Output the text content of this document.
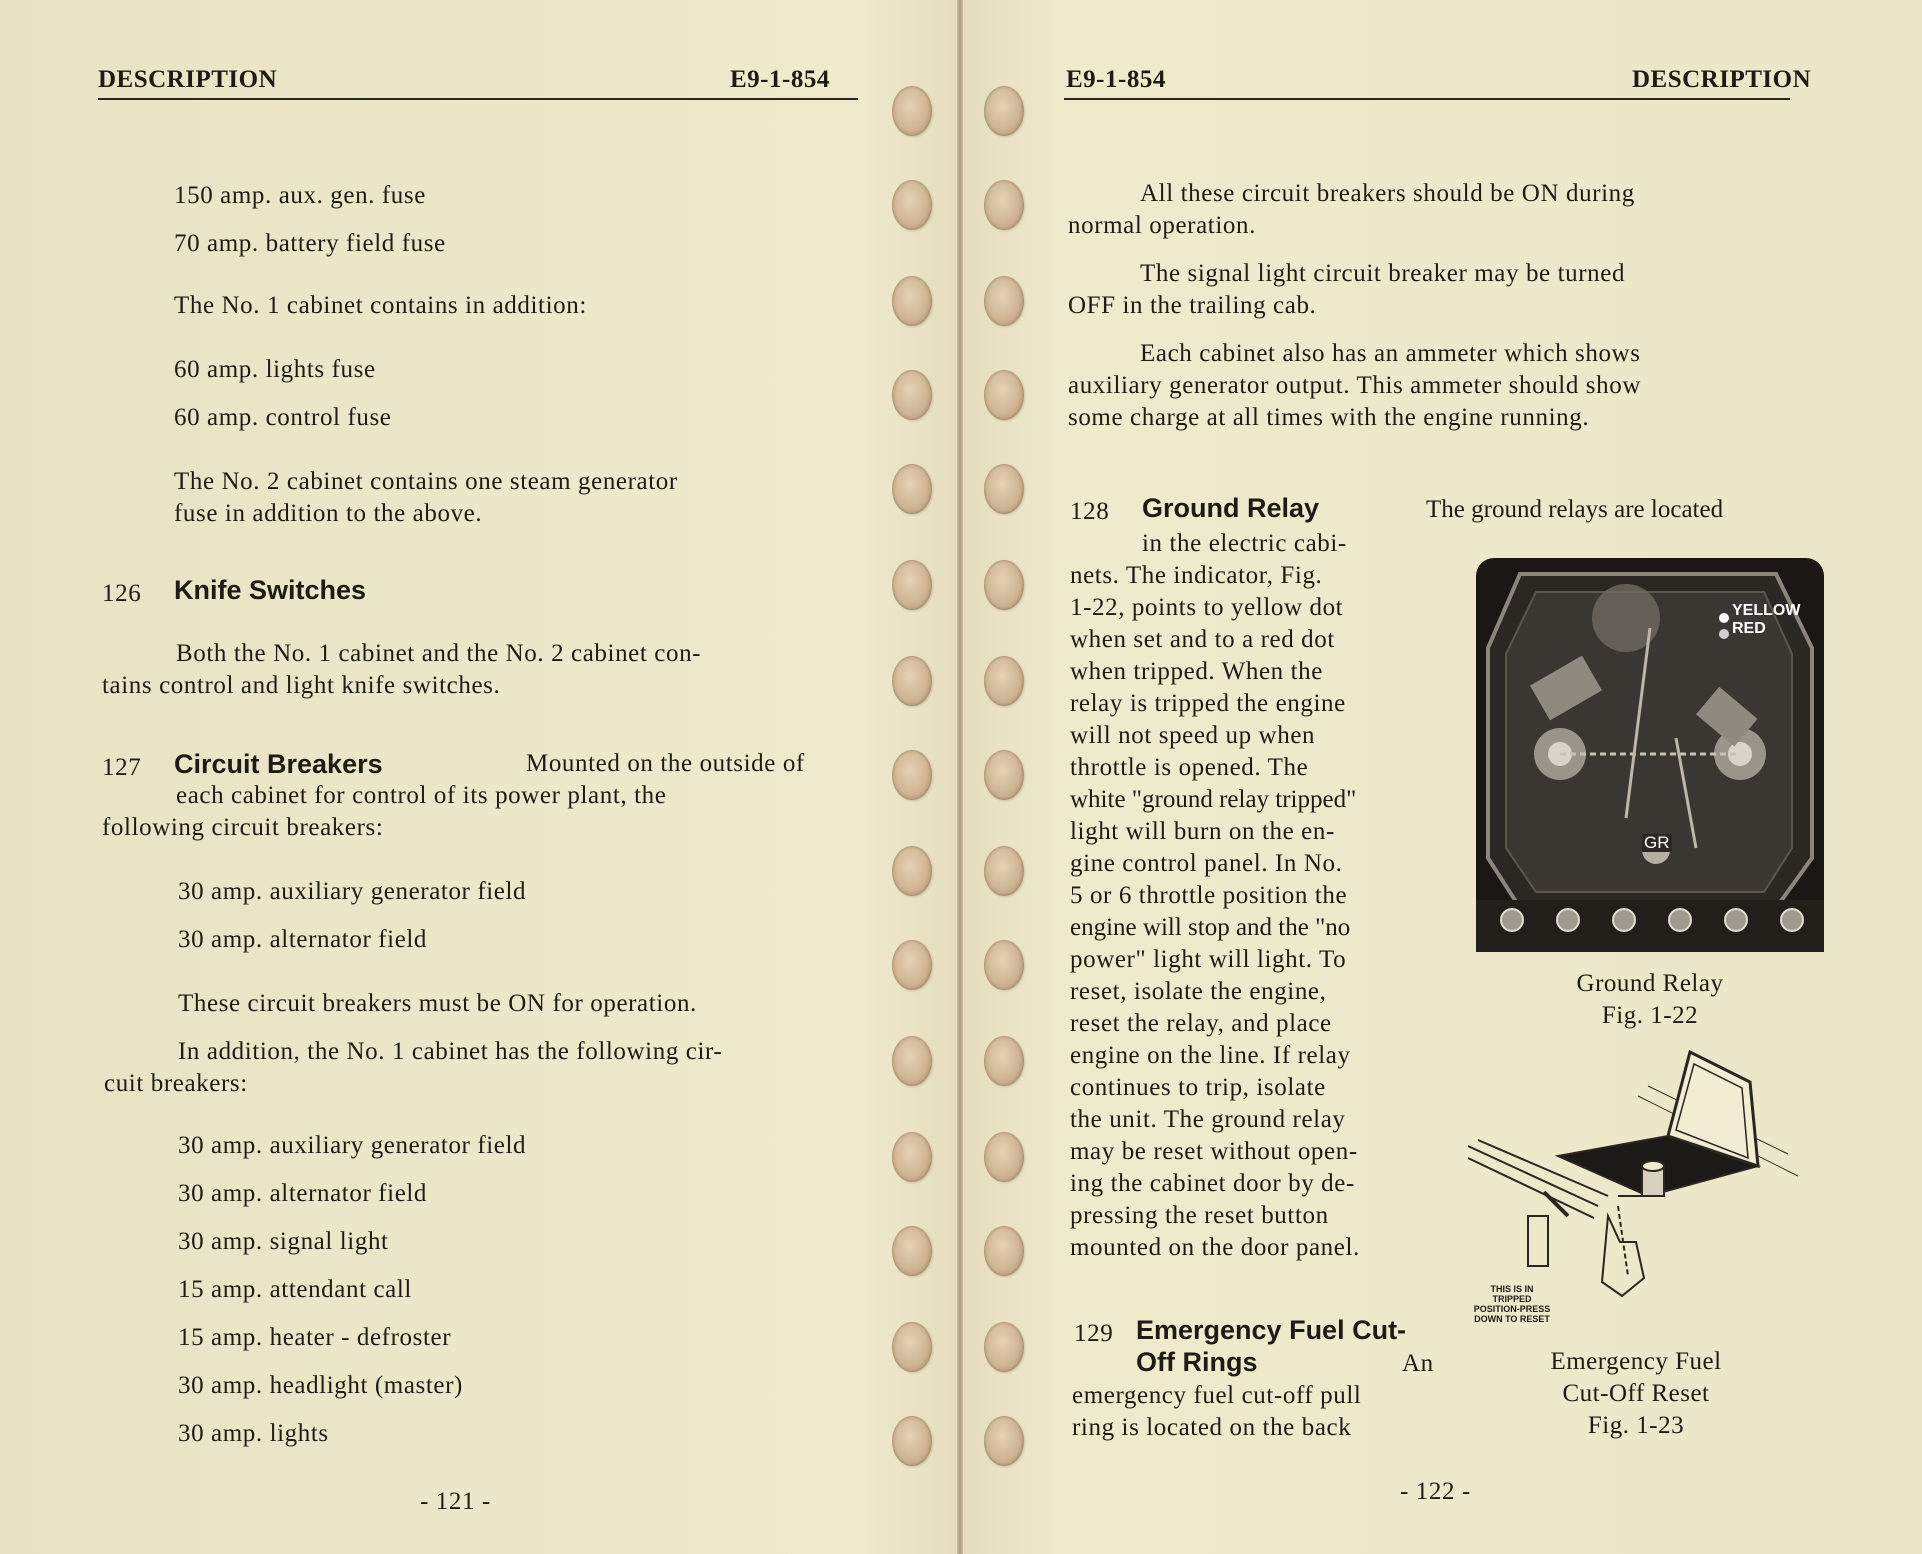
DESCRIPTION	E9-1-854
150 amp. aux. gen. fuse
70 amp. battery field fuse
The No. 1 cabinet contains in addition:
60 amp. lights fuse
60 amp. control fuse
The No. 2 cabinet contains one steam generator
fuse in addition to the above.
126 Knife Switches
Both the No. 1 cabinet and the No. 2 cabinet con-
tains control and light knife switches.
127 Circuit Breakers	Mounted on the outside of
each cabinet for control of its power plant, the
following circuit breakers:
30 amp. auxiliary generator field
30 amp. alternator field
These circuit breakers must be ON for operation.
In addition, the No. 1 cabinet has the following cir-
cuit breakers:
30 amp. auxiliary generator field
30 amp. alternator field
30 amp. signal light
15 amp. attendant call
15 amp. heater - defroster
30 amp. headlight (master)
30 amp. lights
- 121 -
E9-1-854	DESCRIPTION
All these circuit breakers should be ON during
normal operation.
The signal light circuit breaker may be turned
OFF in the trailing cab.
Each cabinet also has an ammeter which shows
auxiliary generator output. This ammeter should show
some charge at all times with the engine running.
128 Ground Relay	The ground relays are located
in the electric cabi-
nets. The indicator, Fig.
1-22, points to yellow dot
when set and to a red dot
when tripped. When the
relay is tripped the engine
will not speed up when
throttle is opened. The
white "ground relay tripped"
light will burn on the en-
gine control panel. In No.
5 or 6 throttle position the
engine will stop and the "no
power" light will light. To
reset, isolate the engine,
reset the relay, and place
engine on the line. If relay
continues to trip, isolate
the unit. The ground relay
may be reset without open-
ing the cabinet door by de-
pressing the reset button
mounted on the door panel.
129 Emergency Fuel Cut-
Off Rings	An
emergency fuel cut-off pull
ring is located on the back
YELLOW
RED
GR
Ground Relay
Fig. 1-22
THIS IS IN TRIPPED
POSITION-PRESS
DOWN TO RESET
Emergency Fuel
Cut-Off Reset
Fig. 1-23
- 122 -
